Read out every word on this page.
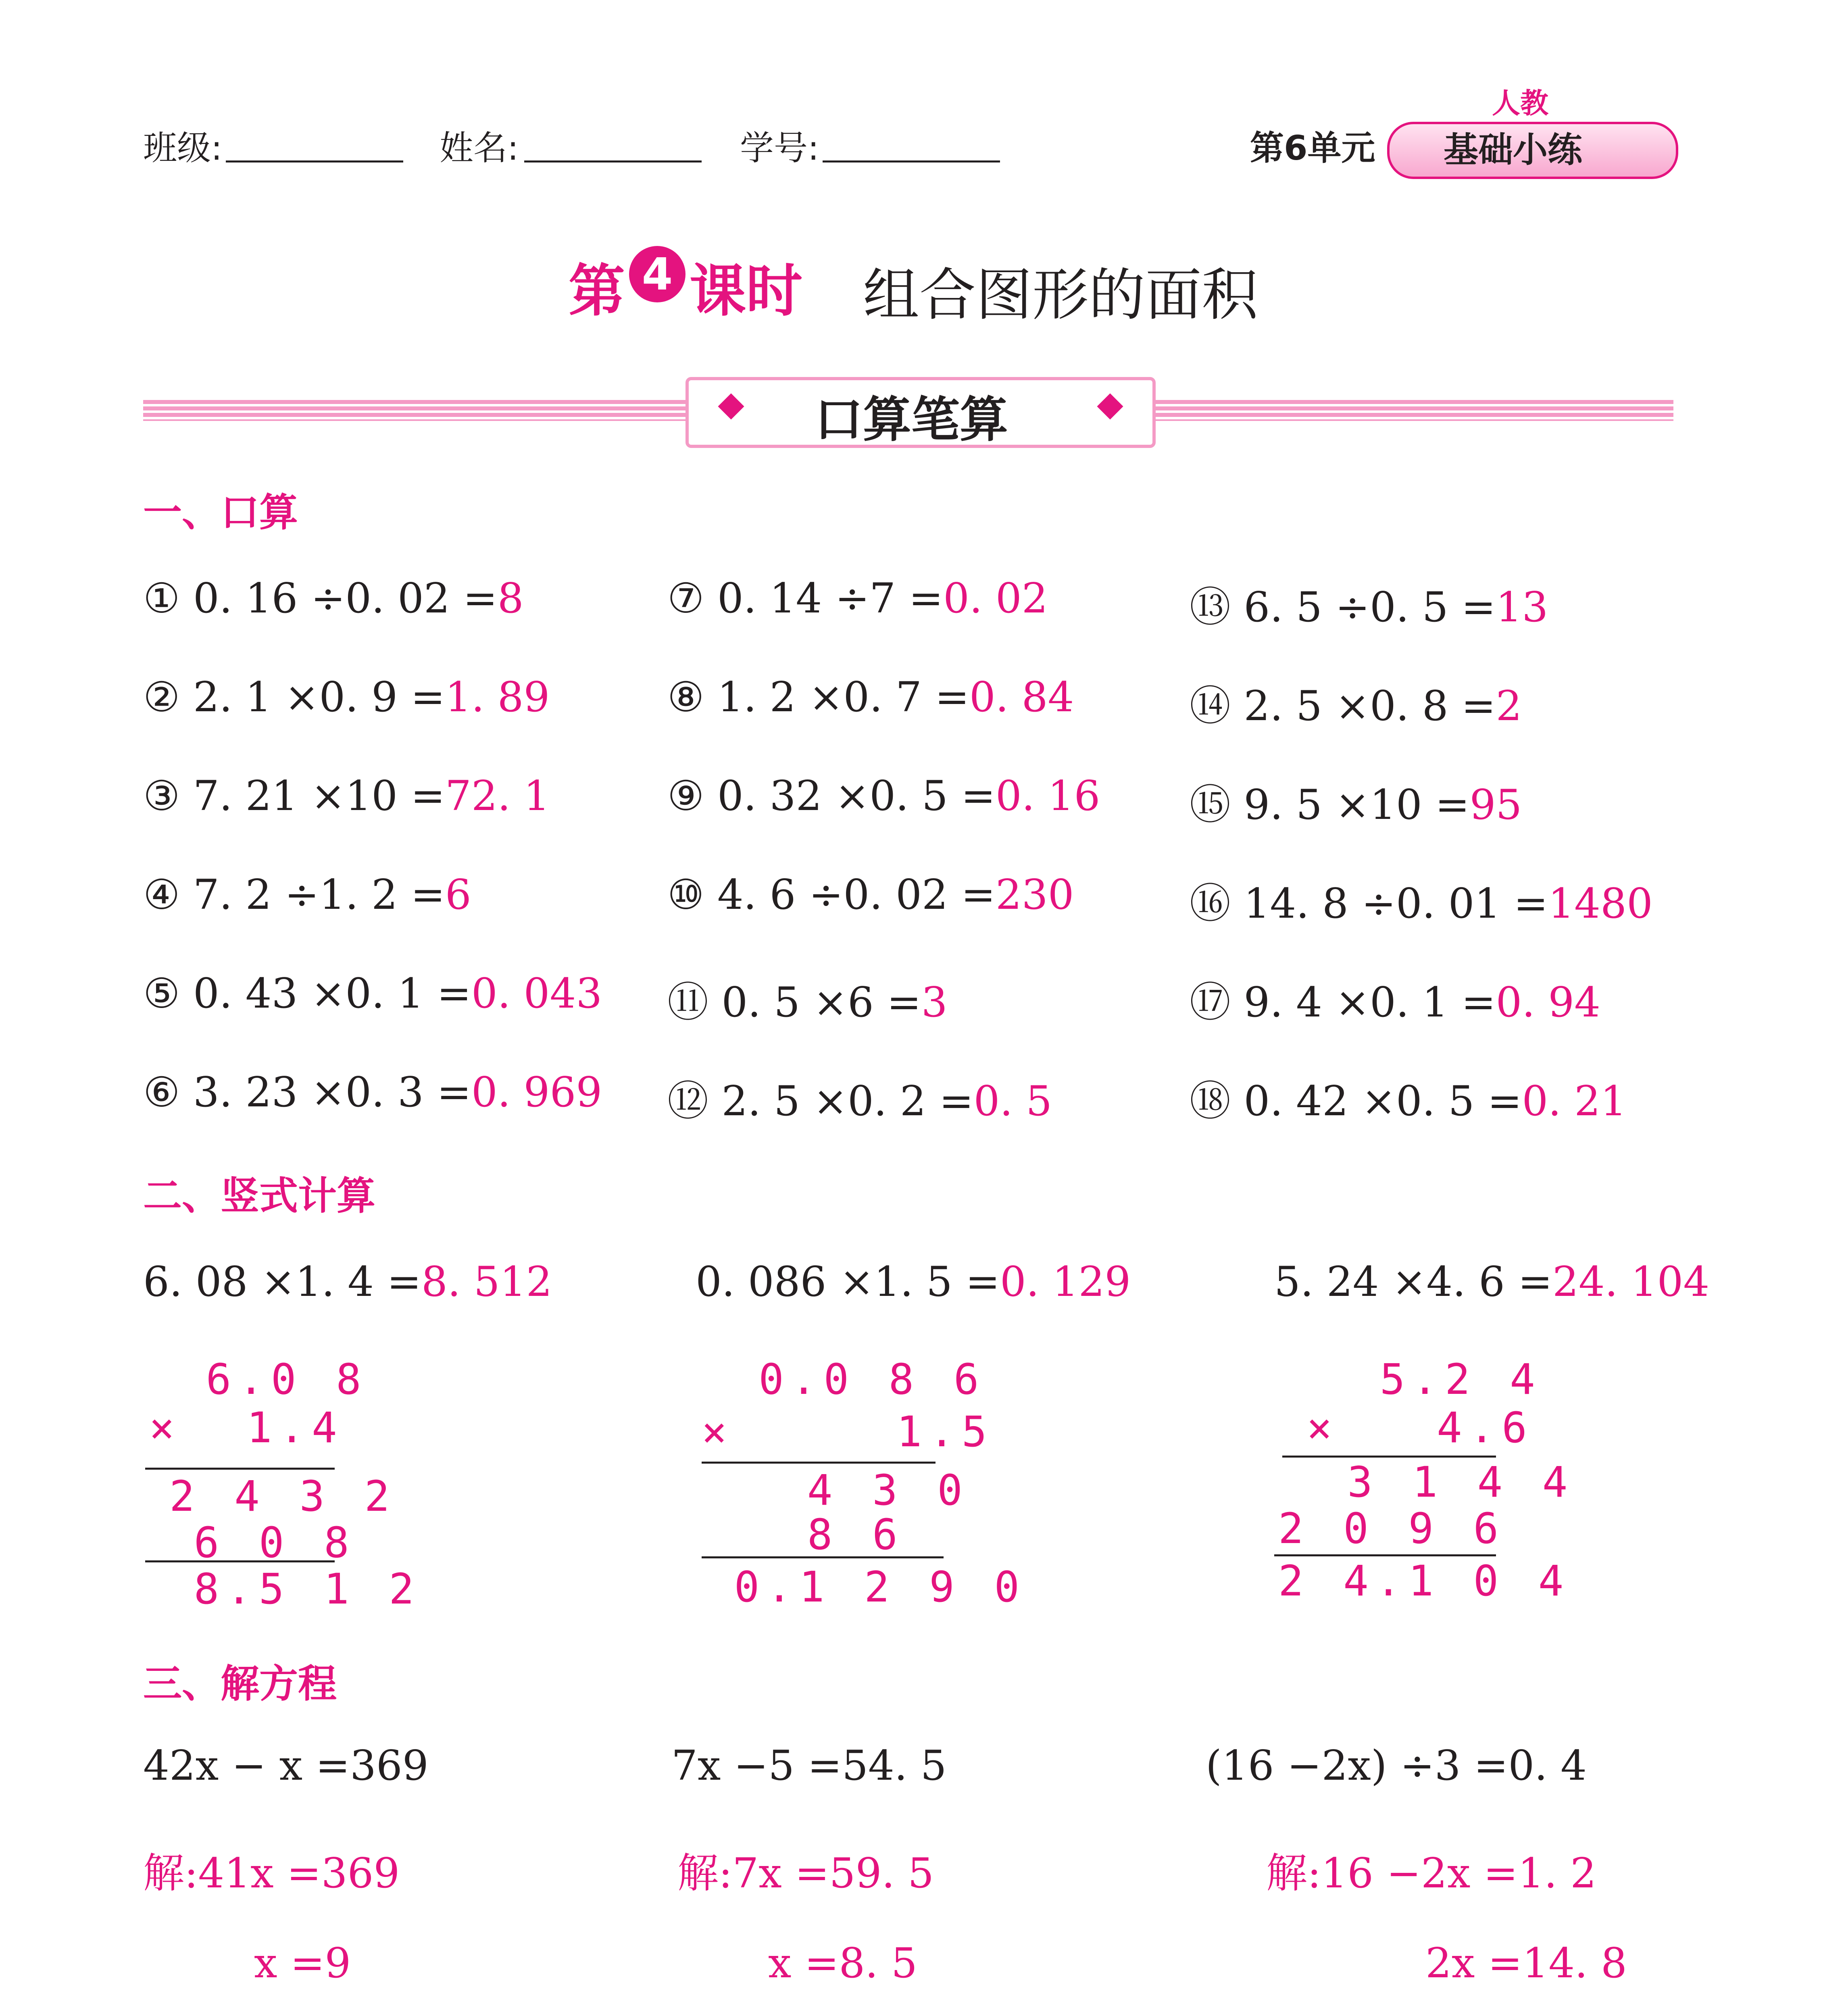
班级:	姓名:	学号:	第6单元
人教
基础小练
第 4 课时 组合图形的面积
口算笔算
一、口算
① 0. 16 ÷0. 02 =8
② 2. 1 ×0. 9 =1. 89
③ 7. 21 ×10 =72. 1
④ 7. 2 ÷1. 2 =6
⑤ 0. 43 ×0. 1 =0. 043
⑥ 3. 23 ×0. 3 =0. 969
⑦ 0. 14 ÷7 =0. 02
⑧ 1. 2 ×0. 7 =0. 84
⑨ 0. 32 ×0. 5 =0. 16
⑩ 4. 6 ÷0. 02 =230
⑪ 0. 5 ×6 =3
⑫ 2. 5 ×0. 2 =0. 5
⑬ 6. 5 ÷0. 5 =13
⑭ 2. 5 ×0. 8 =2
⑮ 9. 5 ×10 =95
⑯ 14. 8 ÷0. 01 =1480
⑰ 9. 4 ×0. 1 =0. 94
⑱ 0. 42 ×0. 5 =0. 21
二、竖式计算
6. 08 ×1. 4 =8. 512	0. 086 ×1. 5 =0. 129	5. 24 ×4. 6 =24. 104
6.0 8
×  1.4
2 4 3 2
6 0 8
8.5 1 2
0.0 8 6
×     1.5
4 3 0
8 6
0.1 2 9 0
5.2 4
×   4.6
3 1 4 4
2 0 9 6
2 4.1 0 4
三、解方程
42x − x =369
解:41x =369
x =9
7x −5 =54. 5
解:7x =59. 5
x =8. 5
(16 −2x) ÷3 =0. 4
解:16 −2x =1. 2
2x =14. 8
